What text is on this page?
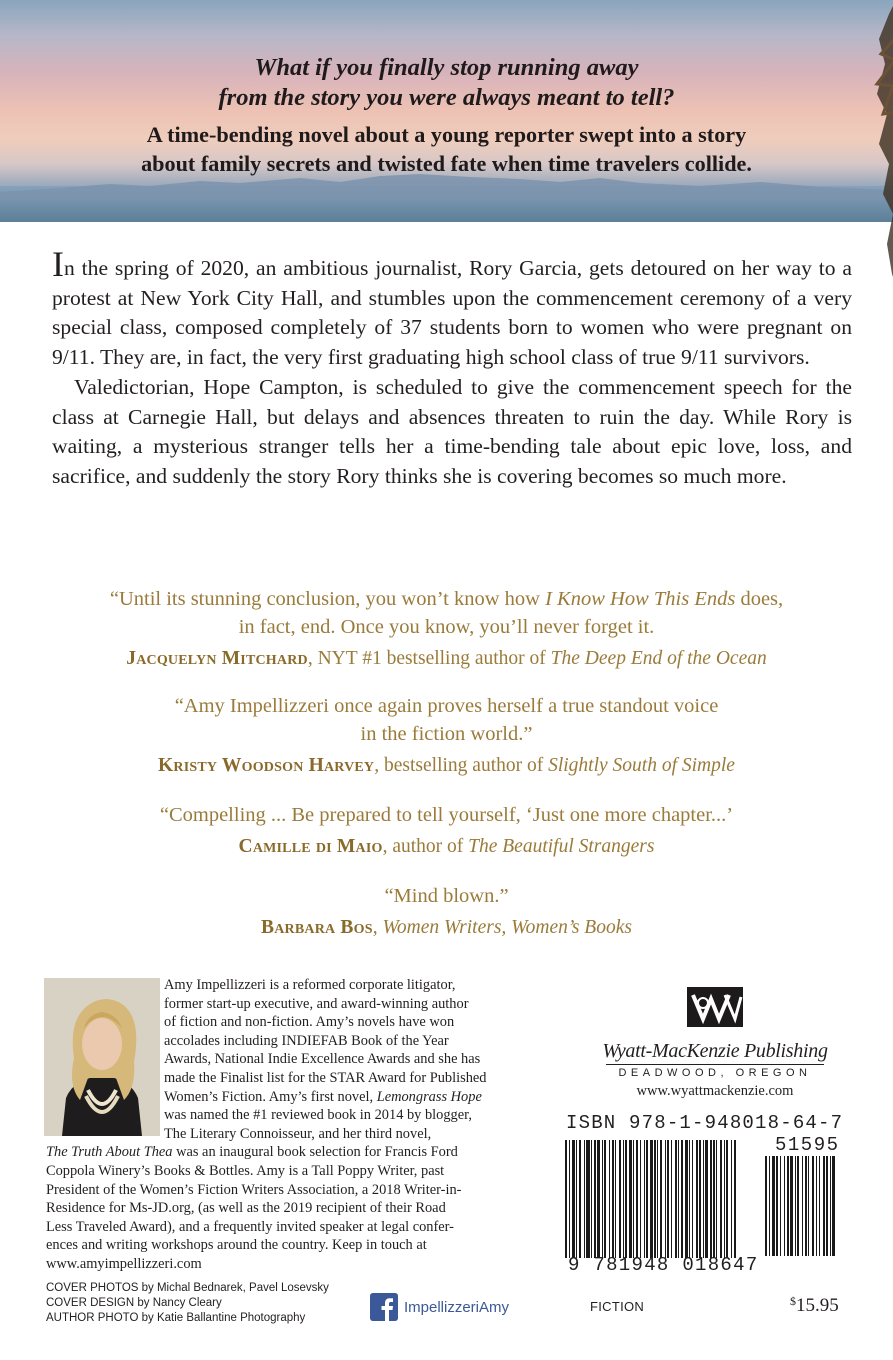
What if you finally stop running away
from the story you were always meant to tell?
A time-bending novel about a young reporter swept into a story
about family secrets and twisted fate when time travelers collide.
In the spring of 2020, an ambitious journalist, Rory Garcia, gets detoured on her way to a protest at New York City Hall, and stumbles upon the commencement ceremony of a very special class, composed completely of 37 students born to women who were pregnant on 9/11. They are, in fact, the very first graduating high school class of true 9/11 survivors.
Valedictorian, Hope Campton, is scheduled to give the commencement speech for the class at Carnegie Hall, but delays and absences threaten to ruin the day. While Rory is waiting, a mysterious stranger tells her a time-bending tale about epic love, loss, and sacrifice, and suddenly the story Rory thinks she is covering becomes so much more.
“Until its stunning conclusion, you won’t know how I Know How This Ends does,
in fact, end. Once you know, you’ll never forget it.
Jacquelyn Mitchard, NYT #1 bestselling author of The Deep End of the Ocean
“Amy Impellizzeri once again proves herself a true standout voice
in the fiction world.”
Kristy Woodson Harvey, bestselling author of Slightly South of Simple
“Compelling ... Be prepared to tell yourself, ‘Just one more chapter...’
Camille di Maio, author of The Beautiful Strangers
“Mind blown.”
Barbara Bos, Women Writers, Women’s Books
Amy Impellizzeri is a reformed corporate litigator,
former start-up executive, and award-winning author
of fiction and non-fiction. Amy’s novels have won
accolades including INDIEFAB Book of the Year
Awards, National Indie Excellence Awards and she has
made the Finalist list for the STAR Award for Published
Women’s Fiction. Amy’s first novel, Lemongrass Hope
was named the #1 reviewed book in 2014 by blogger,
The Literary Connoisseur, and her third novel,
The Truth About Thea was an inaugural book selection for Francis Ford
Coppola Winery’s Books & Bottles. Amy is a Tall Poppy Writer, past
President of the Women’s Fiction Writers Association, a 2018 Writer-in-
Residence for Ms-JD.org, (as well as the 2019 recipient of their Road
Less Traveled Award), and a frequently invited speaker at legal confer-
ences and writing workshops around the country. Keep in touch at
www.amyimpellizzeri.com
COVER PHOTOS by Michal Bednarek, Pavel Losevsky
COVER DESIGN by Nancy Cleary
AUTHOR PHOTO by Katie Ballantine Photography
ImpellizzeriAmy
Wyatt-MacKenzie Publishing
DEADWOOD, OREGON
www.wyattmackenzie.com
ISBN 978-1-948018-64-7
51595
9 781948 018647
FICTION	$15.95
